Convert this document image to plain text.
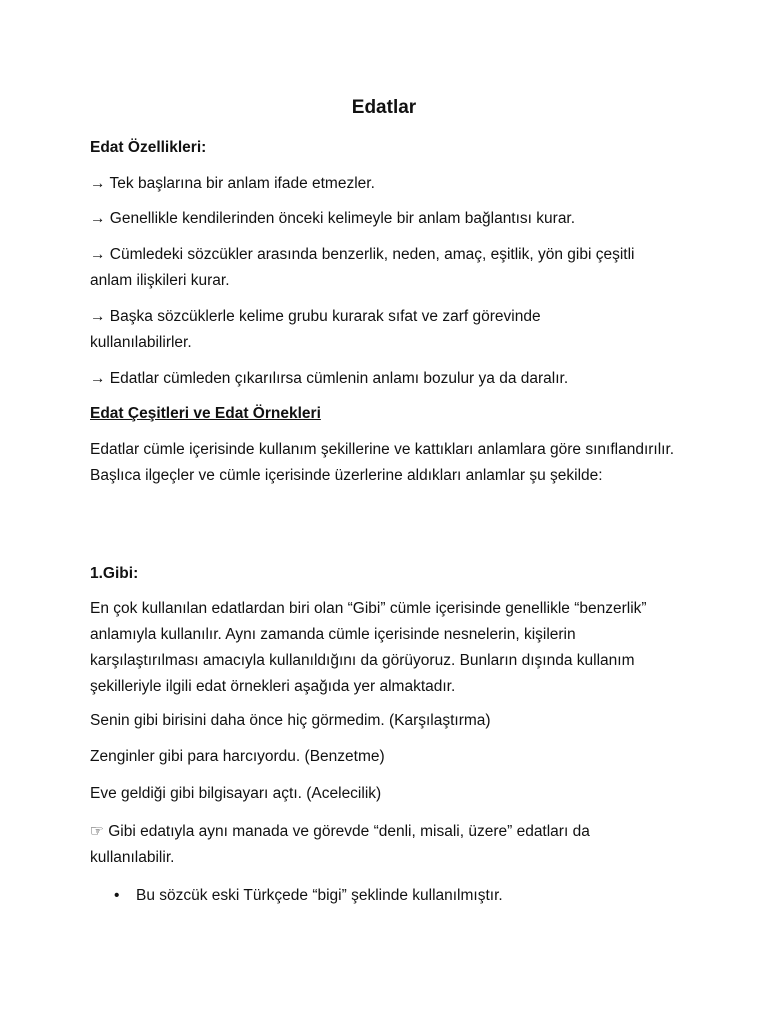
Edatlar

Edat Özellikleri:

→ Tek başlarına bir anlam ifade etmezler.

→ Genellikle kendilerinden önceki kelimeyle bir anlam bağlantısı kurar.

→ Cümledeki sözcükler arasında benzerlik, neden, amaç, eşitlik, yön gibi çeşitli anlam ilişkileri kurar.

→ Başka sözcüklerle kelime grubu kurarak sıfat ve zarf görevinde kullanılabilirler.

→ Edatlar cümleden çıkarılırsa cümlenin anlamı bozulur ya da daralır.

Edat Çeşitleri ve Edat Örnekleri

Edatlar cümle içerisinde kullanım şekillerine ve kattıkları anlamlara göre sınıflandırılır. Başlıca ilgeçler ve cümle içerisinde üzerlerine aldıkları anlamlar şu şekilde:

1.Gibi:

En çok kullanılan edatlardan biri olan “Gibi” cümle içerisinde genellikle “benzerlik” anlamıyla kullanılır. Aynı zamanda cümle içerisinde nesnelerin, kişilerin karşılaştırılması amacıyla kullanıldığını da görüyoruz. Bunların dışında kullanım şekilleriyle ilgili edat örnekleri aşağıda yer almaktadır.

Senin gibi birisini daha önce hiç görmedim. (Karşılaştırma)

Zenginler gibi para harcıyordu. (Benzetme)

Eve geldiği gibi bilgisayarı açtı. (Acelecilik)

☞ Gibi edatıyla aynı manada ve görevde “denli, misali, üzere” edatları da kullanılabilir.

• Bu sözcük eski Türkçede “bigi” şeklinde kullanılmıştır.
